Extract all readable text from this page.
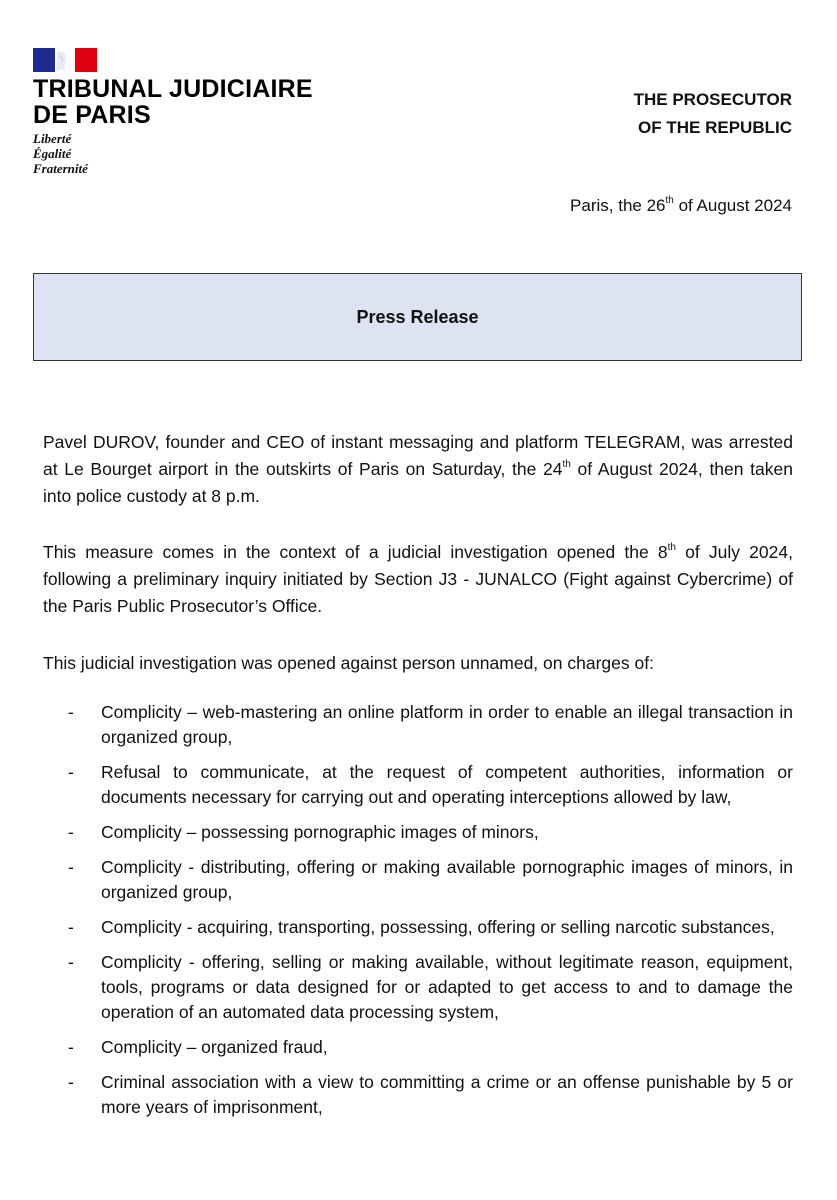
TRIBUNAL JUDICIAIRE
DE PARIS
Liberté
Égalité
Fraternité
THE PROSECUTOR
OF THE REPUBLIC
Paris, the 26th of August 2024
Press Release
Pavel DUROV, founder and CEO of instant messaging and platform TELEGRAM, was arrested at Le Bourget airport in the outskirts of Paris on Saturday, the 24th of August 2024, then taken into police custody at 8 p.m.
This measure comes in the context of a judicial investigation opened the 8th of July 2024, following a preliminary inquiry initiated by Section J3 - JUNALCO (Fight against Cybercrime) of the Paris Public Prosecutor’s Office.
This judicial investigation was opened against person unnamed, on charges of:
- Complicity – web-mastering an online platform in order to enable an illegal transaction in organized group,
- Refusal to communicate, at the request of competent authorities, information or documents necessary for carrying out and operating interceptions allowed by law,
- Complicity – possessing pornographic images of minors,
- Complicity - distributing, offering or making available pornographic images of minors, in organized group,
- Complicity - acquiring, transporting, possessing, offering or selling narcotic substances,
- Complicity - offering, selling or making available, without legitimate reason, equipment, tools, programs or data designed for or adapted to get access to and to damage the operation of an automated data processing system,
- Complicity – organized fraud,
- Criminal association with a view to committing a crime or an offense punishable by 5 or more years of imprisonment,
